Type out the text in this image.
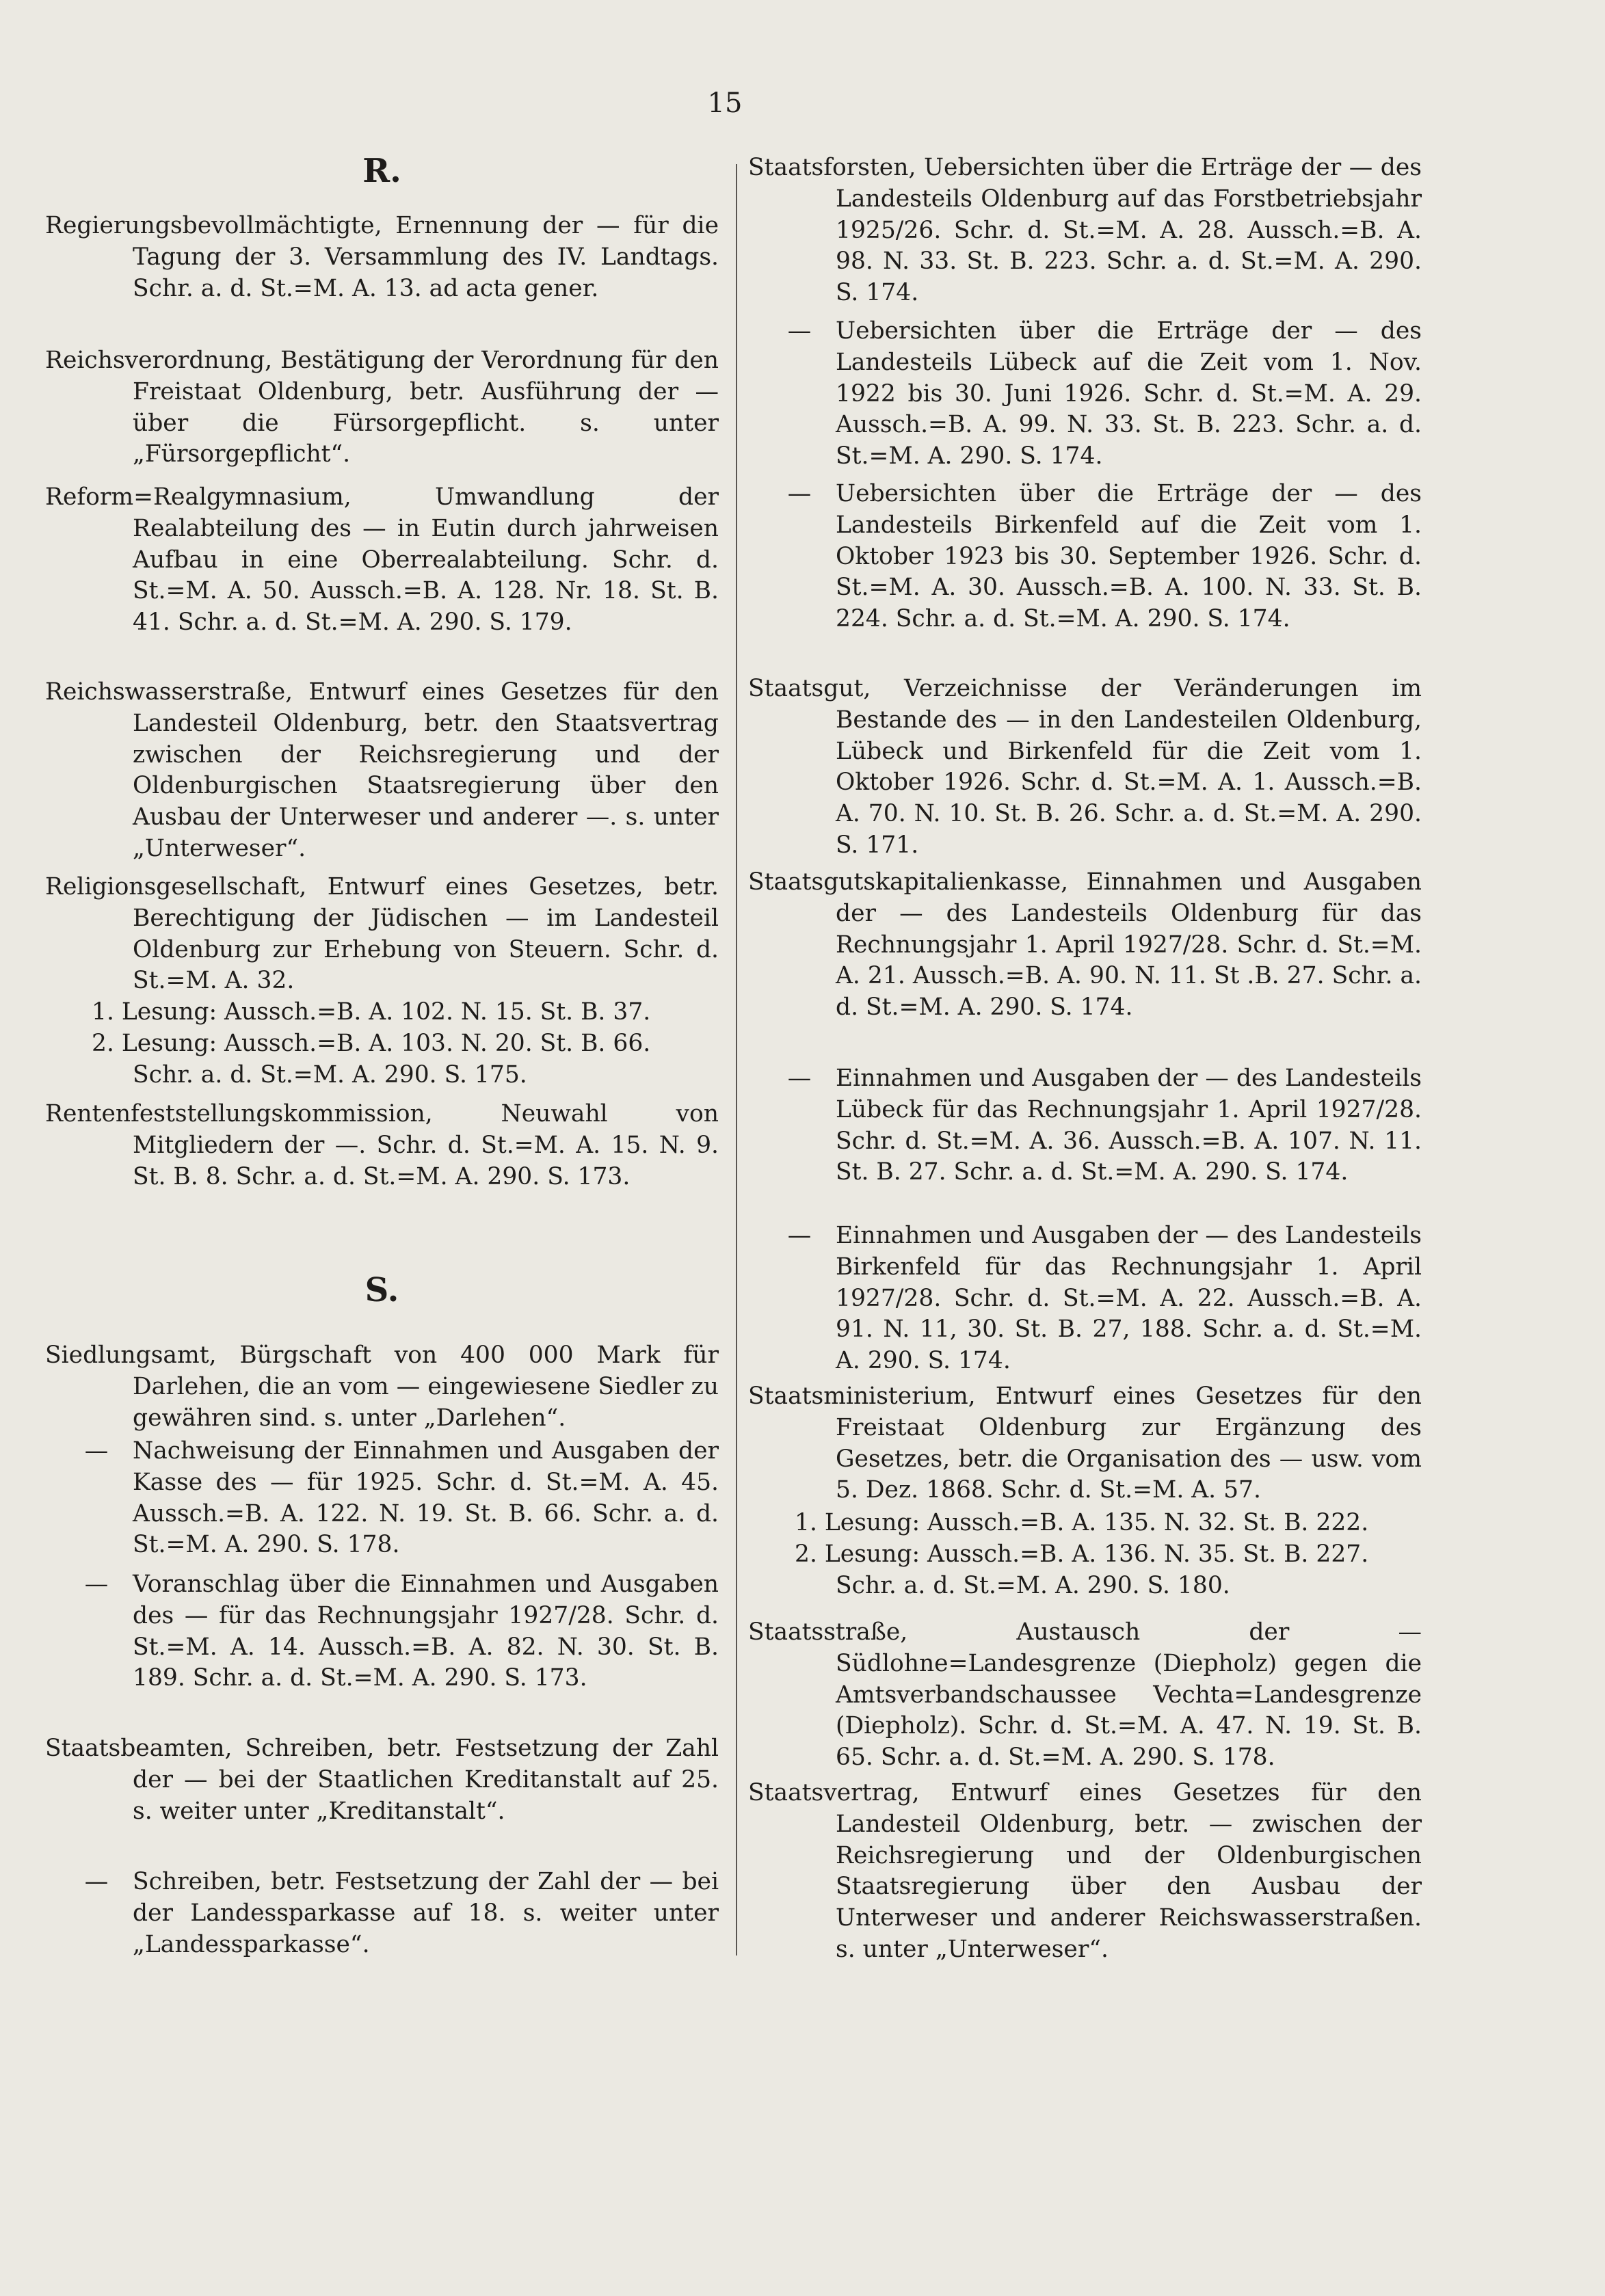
15
R.

Regierungsbevollmächtigte, Ernennung der — für die Tagung der 3. Versammlung des IV. Landtags. Schr. a. d. St.=M. A. 13. ad acta gener.

Reichsverordnung, Bestätigung der Verordnung für den Freistaat Oldenburg, betr. Ausführung der — über die Fürsorgepflicht. s. unter „Fürsorgepflicht“.

Reform=Realgymnasium, Umwandlung der Realabteilung des — in Eutin durch jahrweisen Aufbau in eine Oberrealabteilung. Schr. d. St.=M. A. 50. Aussch.=B. A. 128. Nr. 18. St. B. 41. Schr. a. d. St.=M. A. 290. S. 179.

Reichswasserstraße, Entwurf eines Gesetzes für den Landesteil Oldenburg, betr. den Staatsvertrag zwischen der Reichsregierung und der Oldenburgischen Staatsregierung über den Ausbau der Unterweser und anderer —. s. unter „Unterweser“.

Religionsgesellschaft, Entwurf eines Gesetzes, betr. Berechtigung der Jüdischen — im Landesteil Oldenburg zur Erhebung von Steuern. Schr. d. St.=M. A. 32.

1. Lesung: Aussch.=B. A. 102. N. 15. St. B. 37.
2. Lesung: Aussch.=B. A. 103. N. 20. St. B. 66.
Schr. a. d. St.=M. A. 290. S. 175.

Rentenfeststellungskommission, Neuwahl von Mitgliedern der —. Schr. d. St.=M. A. 15. N. 9. St. B. 8. Schr. a. d. St.=M. A. 290. S. 173.

S.

Siedlungsamt, Bürgschaft von 400 000 Mark für Darlehen, die an vom — eingewiesene Siedler zu gewähren sind. s. unter „Darlehen“.

—	Nachweisung der Einnahmen und Ausgaben der Kasse des — für 1925. Schr. d. St.=M. A. 45. Aussch.=B. A. 122. N. 19. St. B. 66. Schr. a. d. St.=M. A. 290. S. 178.

—	Voranschlag über die Einnahmen und Ausgaben des — für das Rechnungsjahr 1927/28. Schr. d. St.=M. A. 14. Aussch.=B. A. 82. N. 30. St. B. 189. Schr. a. d. St.=M. A. 290. S. 173.

Staatsbeamten, Schreiben, betr. Festsetzung der Zahl der — bei der Staatlichen Kreditanstalt auf 25. s. weiter unter „Kreditanstalt“.

—	Schreiben, betr. Festsetzung der Zahl der — bei der Landessparkasse auf 18. s. weiter unter „Landessparkasse“.

Staatsforsten, Uebersichten über die Erträge der — des Landesteils Oldenburg auf das Forstbetriebsjahr 1925/26. Schr. d. St.=M. A. 28. Aussch.=B. A. 98. N. 33. St. B. 223. Schr. a. d. St.=M. A. 290. S. 174.

—	Uebersichten über die Erträge der — des Landesteils Lübeck auf die Zeit vom 1. Nov. 1922 bis 30. Juni 1926. Schr. d. St.=M. A. 29. Aussch.=B. A. 99. N. 33. St. B. 223. Schr. a. d. St.=M. A. 290. S. 174.

—	Uebersichten über die Erträge der — des Landesteils Birkenfeld auf die Zeit vom 1. Oktober 1923 bis 30. September 1926. Schr. d. St.=M. A. 30. Aussch.=B. A. 100. N. 33. St. B. 224. Schr. a. d. St.=M. A. 290. S. 174.

Staatsgut, Verzeichnisse der Veränderungen im Bestande des — in den Landesteilen Oldenburg, Lübeck und Birkenfeld für die Zeit vom 1. Oktober 1926. Schr. d. St.=M. A. 1. Aussch.=B. A. 70. N. 10. St. B. 26. Schr. a. d. St.=M. A. 290. S. 171.

Staatsgutskapitalienkasse, Einnahmen und Ausgaben der — des Landesteils Oldenburg für das Rechnungsjahr 1. April 1927/28. Schr. d. St.=M. A. 21. Aussch.=B. A. 90. N. 11. St .B. 27. Schr. a. d. St.=M. A. 290. S. 174.

—	Einnahmen und Ausgaben der — des Landesteils Lübeck für das Rechnungsjahr 1. April 1927/28. Schr. d. St.=M. A. 36. Aussch.=B. A. 107. N. 11. St. B. 27. Schr. a. d. St.=M. A. 290. S. 174.

—	Einnahmen und Ausgaben der — des Landesteils Birkenfeld für das Rechnungsjahr 1. April 1927/28. Schr. d. St.=M. A. 22. Aussch.=B. A. 91. N. 11, 30. St. B. 27, 188. Schr. a. d. St.=M. A. 290. S. 174.

Staatsministerium, Entwurf eines Gesetzes für den Freistaat Oldenburg zur Ergänzung des Gesetzes, betr. die Organisation des — usw. vom 5. Dez. 1868. Schr. d. St.=M. A. 57.

1. Lesung: Aussch.=B. A. 135. N. 32. St. B. 222.
2. Lesung: Aussch.=B. A. 136. N. 35. St. B. 227.
Schr. a. d. St.=M. A. 290. S. 180.

Staatsstraße, Austausch der — Südlohne=Landesgrenze (Diepholz) gegen die Amtsverbandschaussee Vechta=Landesgrenze (Diepholz). Schr. d. St.=M. A. 47. N. 19. St. B. 65. Schr. a. d. St.=M. A. 290. S. 178.

Staatsvertrag, Entwurf eines Gesetzes für den Landesteil Oldenburg, betr. — zwischen der Reichsregierung und der Oldenburgischen Staatsregierung über den Ausbau der Unterweser und anderer Reichswasserstraßen. s. unter „Unterweser“.
